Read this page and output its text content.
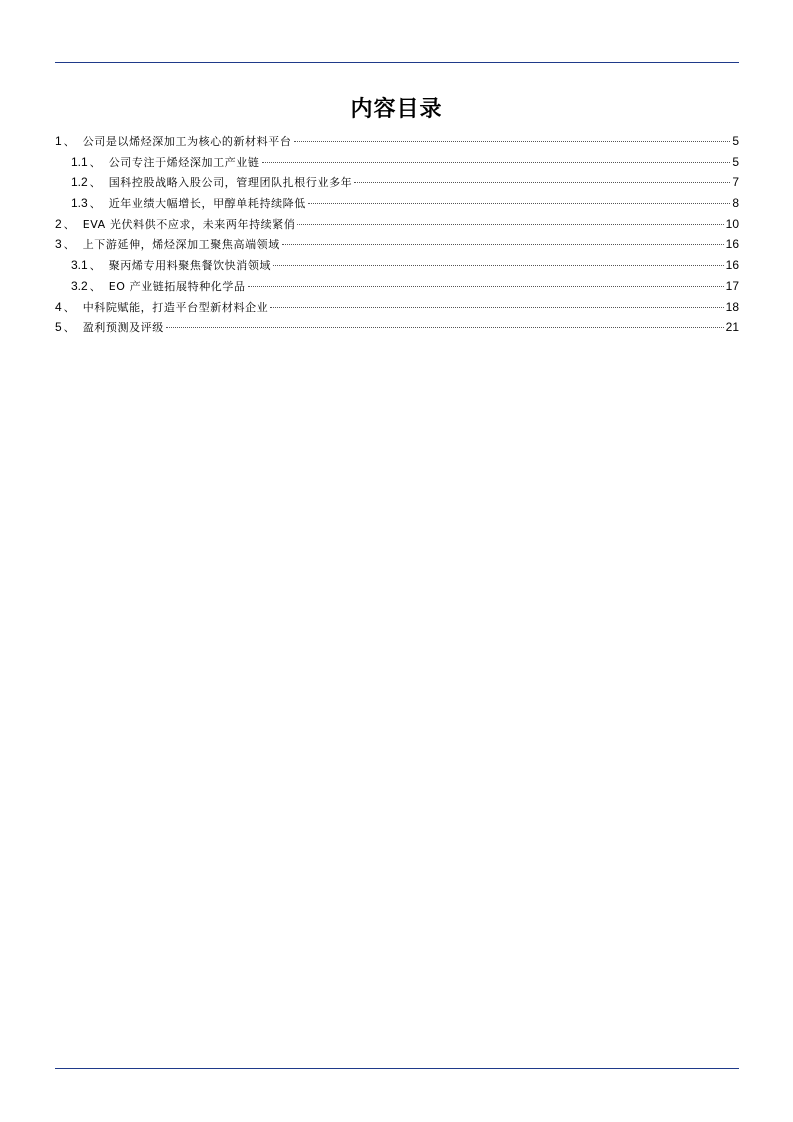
内容目录
1 、 公司是以烯烃深加工为核心的新材料平台	5
1.1 、 公司专注于烯烃深加工产业链	5
1.2 、 国科控股战略入股公司，管理团队扎根行业多年	7
1.3 、 近年业绩大幅增长，甲醇单耗持续降低	8
2 、 EVA 光伏料供不应求，未来两年持续紧俏	10
3 、 上下游延伸，烯烃深加工聚焦高端领域	16
3.1 、 聚丙烯专用料聚焦餐饮快消领域	16
3.2 、 EO 产业链拓展特种化学品	17
4 、 中科院赋能，打造平台型新材料企业	18
5 、 盈利预测及评级	21
